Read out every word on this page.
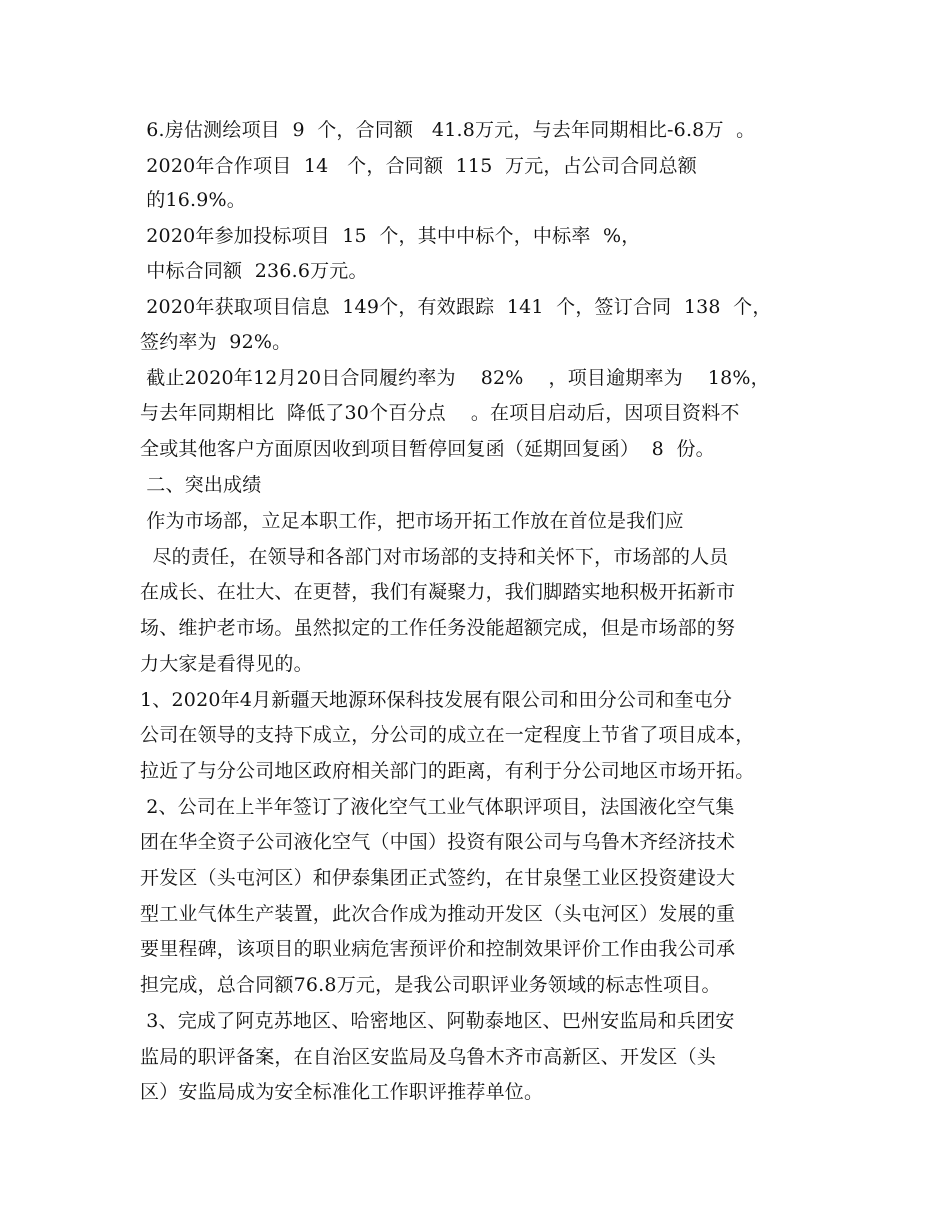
6.房估测绘项目  9  个，合同额   41.8万元，与去年同期相比-6.8万  。
2020年合作项目  14   个，合同额  115  万元，占公司合同总额
的16.9%。
2020年参加投标项目  15  个，其中中标个，中标率  %，
中标合同额  236.6万元。
2020年获取项目信息  149个，有效跟踪  141  个，签订合同  138  个，
签约率为  92%。
截止2020年12月20日合同履约率为    82%    ，项目逾期率为    18%，
与去年同期相比  降低了30个百分点    。在项目启动后，因项目资料不
全或其他客户方面原因收到项目暂停回复函（延期回复函）  8  份。
二、突出成绩
作为市场部，立足本职工作，把市场开拓工作放在首位是我们应
尽的责任，在领导和各部门对市场部的支持和关怀下，市场部的人员
在成长、在壮大、在更替，我们有凝聚力，我们脚踏实地积极开拓新市
场、维护老市场。虽然拟定的工作任务没能超额完成，但是市场部的努
力大家是看得见的。
1、2020年4月新疆天地源环保科技发展有限公司和田分公司和奎屯分
公司在领导的支持下成立，分公司的成立在一定程度上节省了项目成本，
拉近了与分公司地区政府相关部门的距离，有利于分公司地区市场开拓。
2、公司在上半年签订了液化空气工业气体职评项目，法国液化空气集
团在华全资子公司液化空气（中国）投资有限公司与乌鲁木齐经济技术
开发区（头屯河区）和伊泰集团正式签约，在甘泉堡工业区投资建设大
型工业气体生产装置，此次合作成为推动开发区（头屯河区）发展的重
要里程碑，该项目的职业病危害预评价和控制效果评价工作由我公司承
担完成，总合同额76.8万元，是我公司职评业务领域的标志性项目。
3、完成了阿克苏地区、哈密地区、阿勒泰地区、巴州安监局和兵团安
监局的职评备案，在自治区安监局及乌鲁木齐市高新区、开发区（头
区）安监局成为安全标准化工作职评推荐单位。
